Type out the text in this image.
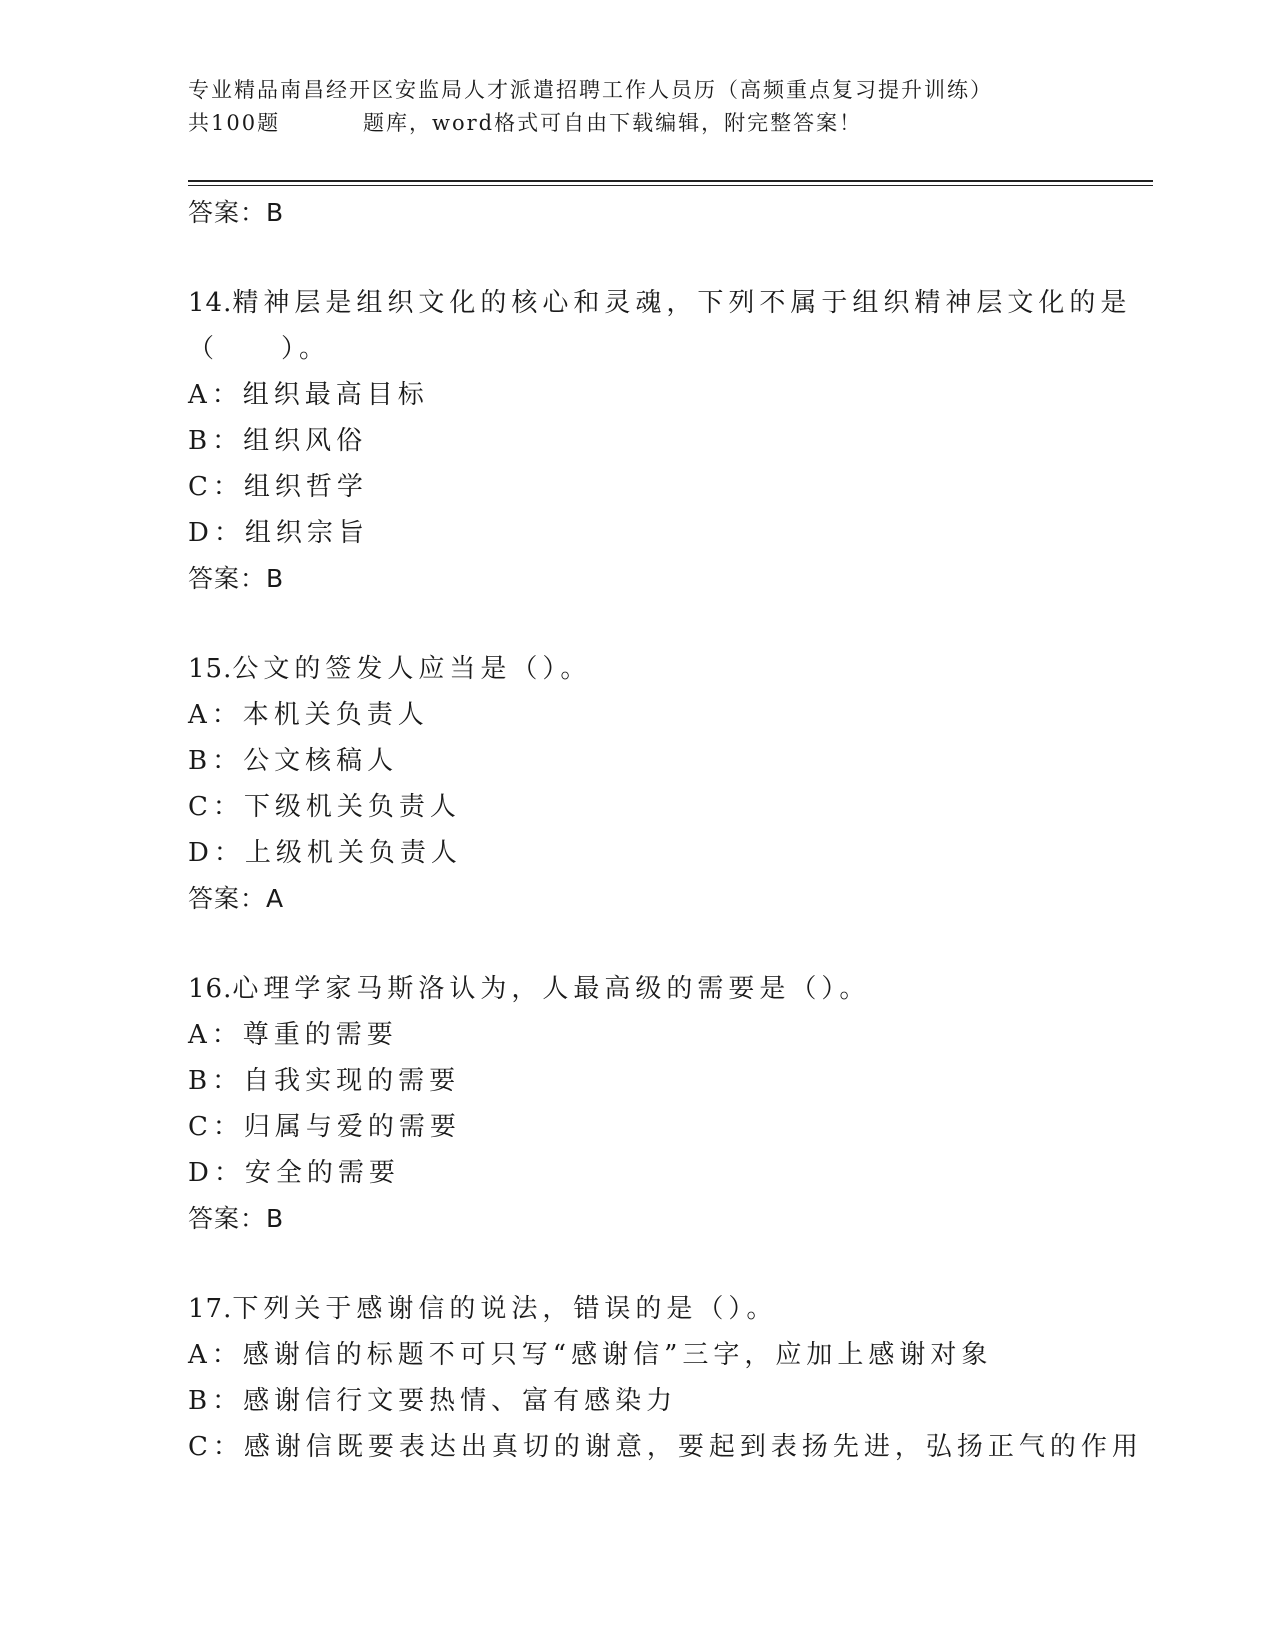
专业精品南昌经开区安监局人才派遣招聘工作人员历（高频重点复习提升训练）
共100题	题库，word格式可自由下载编辑，附完整答案！
答案：B
14.精神层是组织文化的核心和灵魂，下列不属于组织精神层文化的是
（　　）。
A：组织最高目标
B：组织风俗
C：组织哲学
D：组织宗旨
答案：B
15.公文的签发人应当是（）。
A：本机关负责人
B：公文核稿人
C：下级机关负责人
D：上级机关负责人
答案：A
16.心理学家马斯洛认为，人最高级的需要是（）。
A：尊重的需要
B：自我实现的需要
C：归属与爱的需要
D：安全的需要
答案：B
17.下列关于感谢信的说法，错误的是（）。
A：感谢信的标题不可只写“感谢信”三字，应加上感谢对象
B：感谢信行文要热情、富有感染力
C：感谢信既要表达出真切的谢意，要起到表扬先进，弘扬正气的作用
